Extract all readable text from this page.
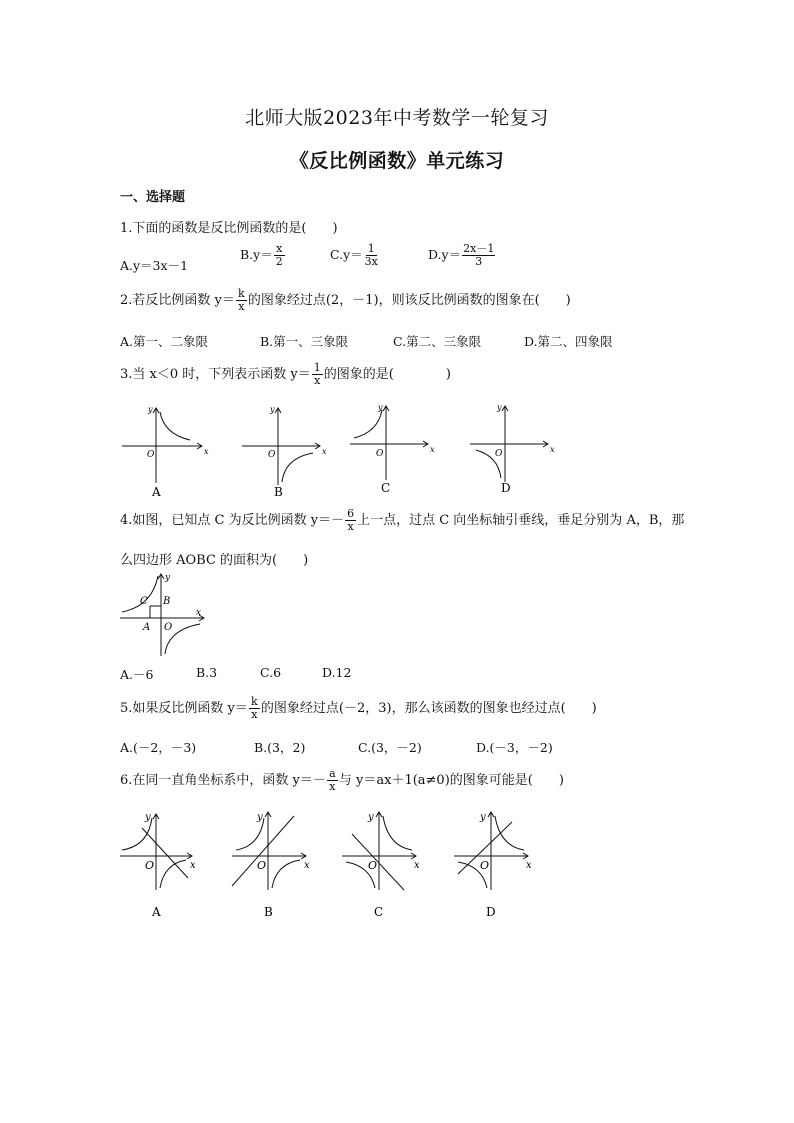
北师大版2023年中考数学一轮复习
《反比例函数》单元练习
一、选择题
1.下面的函数是反比例函数的是(　　)
A.y＝3x－1
$B.y= \frac{x}{2}$	$C.y= \frac{1}{3x}$	$D.y= \frac{2x-1}{3}$
2.若反比例函数 $y= \frac{k}{x}$ 的图象经过点(2，－1)，则该反比例函数的图象在(　　)
A.第一、二象限	B.第一、三象限	C.第二、三象限	D.第二、四象限
3.当 x＜0 时，下列表示函数 $y= \frac{1}{x}$ 的图象的是(　　　　)
x
y
O
A
x
y
O
B
x
y
O
C
x
y
O
D
4.如图，已知点 C 为反比例函数 $y=- \frac{6}{x}$ 上一点，过点 C 向坐标轴引垂线，垂足分别为 A，B，那
么四边形 AOBC 的面积为(　　)
C B
A O
x
y
A.－6	B.3	C.6	D.12
5.如果反比例函数 $y= \frac{k}{x}$ 的图象经过点(－2，3)，那么该函数的图象也经过点(　　)
A.(－2，－3)	B.(3，2)	C.(3，－2)	D.(－3，－2)
6.在同一直角坐标系中，函数 $y=- \frac{a}{x}$ 与 y＝ax＋1(a≠0)的图象可能是(　　)
x
y
O
A
x
y
O
B
x
y
O
C
x
y
O
D
